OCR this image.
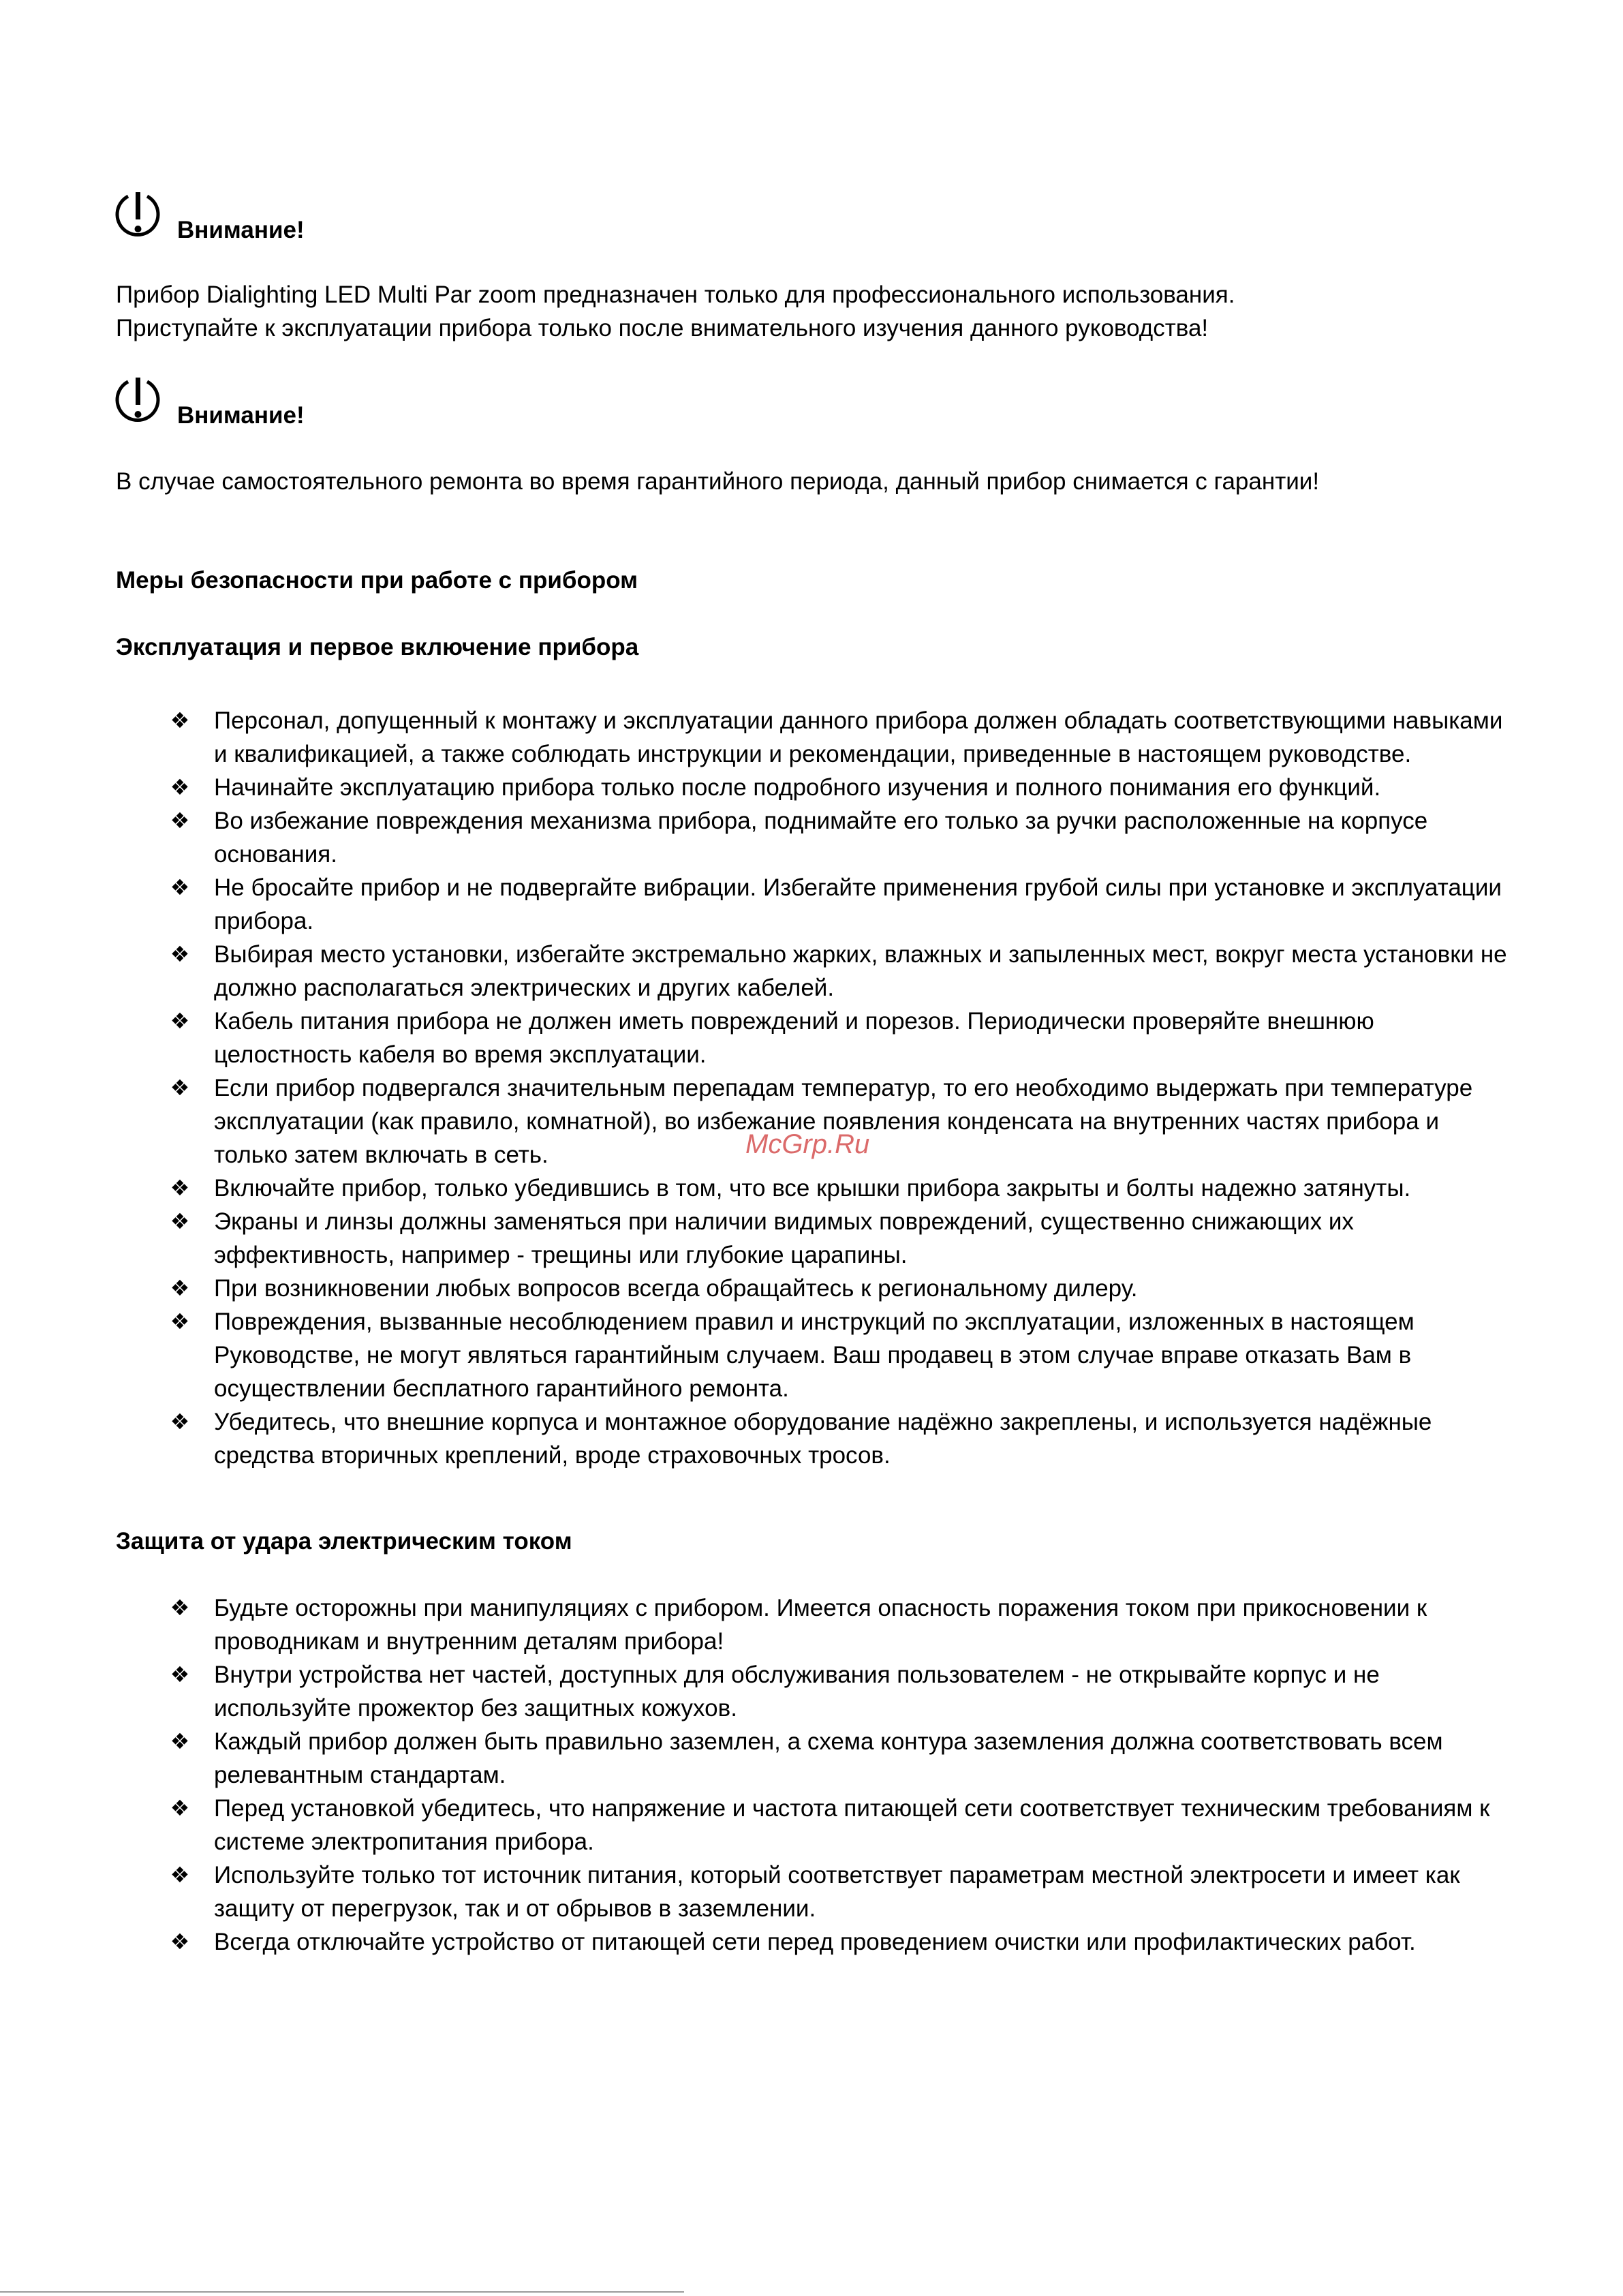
Внимание!

Прибор Dialighting LED Multi Par zoom предназначен только для профессионального использования.

Приступайте к эксплуатации прибора только после внимательного изучения данного руководства!

Внимание!

В случае самостоятельного ремонта во время гарантийного периода, данный прибор снимается с гарантии!

Меры безопасности при работе с прибором
Эксплуатация и первое включение прибора
❖ Персонал, допущенный к монтажу и эксплуатации данного прибора должен обладать соответствующими навыками и квалификацией, а также соблюдать инструкции и рекомендации, приведенные в настоящем руководстве.
❖ Начинайте эксплуатацию прибора только после подробного изучения и полного понимания его функций.
❖ Во избежание повреждения механизма прибора, поднимайте его только за ручки расположенные на корпусе основания.
❖ Не бросайте прибор и не подвергайте вибрации. Избегайте применения грубой силы при установке и эксплуатации прибора.
❖ Выбирая место установки, избегайте экстремально жарких, влажных и запыленных мест, вокруг места установки не должно располагаться электрических и других кабелей.
❖ Кабель питания прибора не должен иметь повреждений и порезов. Периодически проверяйте внешнюю целостность кабеля во время эксплуатации.
❖ Если прибор подвергался значительным перепадам температур, то его необходимо выдержать при температуре эксплуатации (как правило, комнатной), во избежание появления конденсата на внутренних частях прибора и только затем включать в сеть.
❖ Включайте прибор, только убедившись в том, что все крышки прибора закрыты и болты надежно затянуты.
❖ Экраны и линзы должны заменяться при наличии видимых повреждений, существенно снижающих их эффективность, например - трещины или глубокие царапины.
❖ При возникновении любых вопросов всегда обращайтесь к региональному дилеру.
❖ Повреждения, вызванные несоблюдением правил и инструкций по эксплуатации, изложенных в настоящем Руководстве, не могут являться гарантийным случаем. Ваш продавец в этом случае вправе отказать Вам в осуществлении бесплатного гарантийного ремонта.
❖ Убедитесь, что внешние корпуса и монтажное оборудование надёжно закреплены, и используется надёжные средства вторичных креплений, вроде страховочных тросов.
Защита от удара электрическим током
❖ Будьте осторожны при манипуляциях с прибором. Имеется опасность поражения током при прикосновении к проводникам и внутренним деталям прибора!
❖ Внутри устройства нет частей, доступных для обслуживания пользователем - не открывайте корпус и не используйте прожектор без защитных кожухов.
❖ Каждый прибор должен быть правильно заземлен, а схема контура заземления должна соответствовать всем релевантным стандартам.
❖ Перед установкой убедитесь, что напряжение и частота питающей сети соответствует техническим требованиям к системе электропитания прибора.
❖ Используйте только тот источник питания, который соответствует параметрам местной электросети и имеет как защиту от перегрузок, так и от обрывов в заземлении.
❖ Всегда отключайте устройство от питающей сети перед проведением очистки или профилактических работ.
McGrp.Ru
